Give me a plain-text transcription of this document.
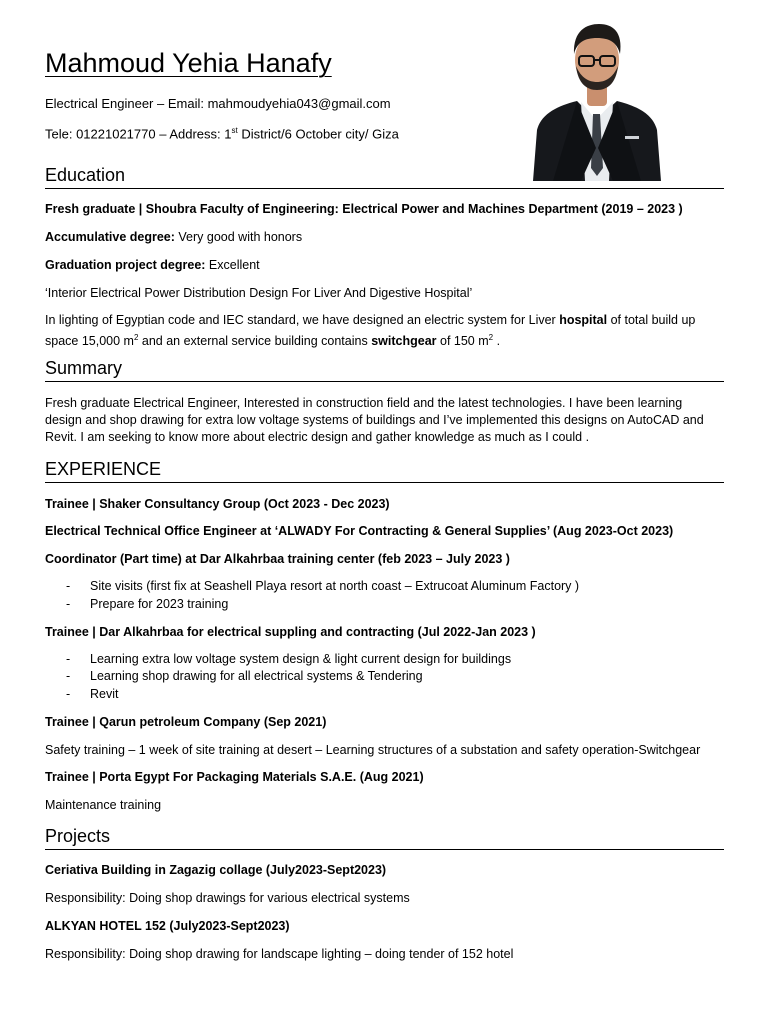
Mahmoud Yehia Hanafy
Electrical Engineer – Email: mahmoudyehia043@gmail.com
Tele: 01221021770 – Address: 1st District/6 October city/ Giza
Education
Fresh graduate | Shoubra Faculty of Engineering: Electrical Power and Machines Department (2019 – 2023 )
Accumulative degree: Very good with honors
Graduation project degree: Excellent
‘Interior Electrical Power Distribution Design For Liver And Digestive Hospital’
In lighting of Egyptian code and IEC standard, we have designed an electric system for Liver hospital of total build up space 15,000 $m^2$ and an external service building contains switchgear of 150 $m^2$ .
Summary
Fresh graduate Electrical Engineer, Interested in construction field and the latest technologies. I have been learning design and shop drawing for extra low voltage systems of buildings and I’ve implemented this designs on AutoCAD and Revit. I am seeking to know more about electric design and gather knowledge as much as I could .
EXPERIENCE
Trainee | Shaker Consultancy Group (Oct 2023 - Dec 2023)
Electrical Technical Office Engineer at ‘ALWADY For Contracting & General Supplies’ (Aug 2023-Oct 2023)
Coordinator (Part time) at Dar Alkahrbaa training center (feb 2023 – July 2023 )
- Site visits (first fix at Seashell Playa resort at north coast – Extrucoat Aluminum Factory )
- Prepare for 2023 training
Trainee | Dar Alkahrbaa for electrical suppling and contracting (Jul 2022-Jan 2023 )
- Learning extra low voltage system design & light current design for buildings
- Learning shop drawing for all electrical systems & Tendering
- Revit
Trainee | Qarun petroleum Company (Sep 2021)
Safety training – 1 week of site training at desert – Learning structures of a substation and safety operation-Switchgear
Trainee | Porta Egypt For Packaging Materials S.A.E. (Aug 2021)
Maintenance training
Projects
Ceriativa Building in Zagazig collage (July2023-Sept2023)
Responsibility: Doing shop drawings for various electrical systems
ALKYAN HOTEL 152 (July2023-Sept2023)
Responsibility: Doing shop drawing for landscape lighting – doing tender of 152 hotel
